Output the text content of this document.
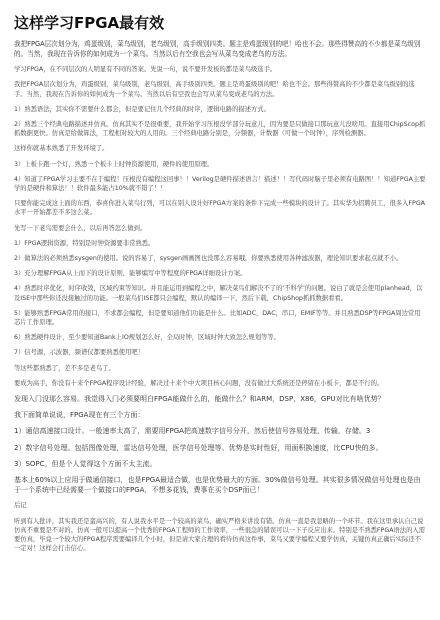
这样学习FPGA最有效

我把FPGA层次划分为，鸡蛋级别，菜鸟级别，老鸟级别，高手级别四类。题主是鸡蛋级别的吧！哈也不会。那些得赞高的不少都是菜鸟级别的。当然，我现在告诉你的如何成为一个菜鸟。当然以后有空我也会写从菜鸟变成老鸟的方法。

学习FPGA，在不同层次的人明显有不同的答案。先说一句，说不要开发板的都是菜鸟级选手。

我把FPGA层次划分为，鸡蛋级别，菜鸟级别，老鸟级别，高手级别四类。题主是鸡蛋级别的吧！哈也不会。那些得赞高的不少都是菜鸟级别的选手。当然，我现在告诉你的如何成为一个菜鸟。当然以后有空我也会写从菜鸟变成老鸟的方法。

1）熟悉语法，其实你不需要什么都会，但是要记住几个经典的时序，逻辑电路的描述方式。

2）熟悉三个经典电路描述并仿真。仿真其实不是很重要，我开始学习压根没学部分玩意儿，因为要是只做接口那玩意儿没啥用。直接用ChipScop抓抓数据更快。仿真是给做算法，工程相对较大的人用的。三个经典电路分别是，分频器，计数器（可做一个时钟），序列检测器。

这样你就基本熟悉了开发环境了。

3）上板卡跑一个灯，熟悉一个板卡上时钟资源使用，硬件的使用原理。

4）知道了FPGA学习主要不在于编程！压根没有编程这回事！！Verilog是硬件描述语言！描述！！写代码时脑子里必须有电路图！！知道FPGA主要学的是硬件和算法！！软件最多能占10%就不错了！！

只要你能完成这上面的东西，恭喜你进入菜鸟行列，可以在别人设计好FPGA方案的条件下完成一些模块的设计了。其实华为招聘员工，很多入FPGA水平一开始都差不多这么菜。

先写一下老鸟需要会什么，以后再答怎么做到。

1）FPGA逻辑资源，特别是时钟资源要非常熟悉。

2）做算法的必须熟悉sysgen的使用。说的容易了，sysgen画画图也没那么容易哦，你要熟悉使用各种滤波器，理论知识要求起点就不小。

3）充分理解FPGA从上而下的设计原则，能够编写中等程度的FPGA详细设计方案。

4）熟悉时序优化，时序收敛，区域约束等知识。并且能运用到编程之中，解决菜鸟们解决不了的'不科学'的问题。说白了就是会使用planhead，以及ISE中那些你还没接触过的功能。一般菜鸟们ISE都只会编程，默认的编译一下，然后下载，ChipShop抓抓数据看看。

5）能够熟悉FPGA常用的接口，不求都会编程，但是要知道他们功能是什么。比如ADC，DAC，串口，EMIF等等。并且熟悉DSP等FPGA周边常用芯片工作原理。

6）熟悉硬件设计，至少要知道Bank上IO规划怎么好，全局时钟，区域时钟大致怎么规划等等。

7）信号源，示波器，频谱仪都要熟悉使用吧！

等这些都熟悉了，差不多是老鸟了。

要成为高手，你没有十来个FPGA程序设计经验，解决过十来个中大项目核心问题，没有做过大系统还是停留在小板卡，都是不行的。

发现入门没那么容易。我觉得入门必须要明白FPGA能做什么的，能做什么？和ARM，DSP，X86，GPU对比有啥优势？

我下面简单说说，FPGA现在有三个方面：

1）通信高速接口设计。一般速率太高了，需要用FPGA把高速数字信号分开，然后使信号容易处理，传输，存储。3

2）数字信号处理。包括图像处理，雷达信号处理，医学信号处理等。优势是实时性好，用面积换速度，比CPU快的多。

3）SOPC。但是个人觉得这个方面不太主流。

基本上60%以上应用于做通信接口，也是FPGA最适合做，也是优势最大的方面。30%做信号处理。其实很多情况做信号处理也是由于一个系统中已经需要一个做接口的FPGA，不想多花钱，费事在买个DSP而已！

后记

听到有人批评，其实我还是蛮高兴的，有人说我水平是一个较高的菜鸟，确实严格来讲没有错。仿真一直是我忽略的一个环节。我在这里承认自己说仿真不重要是不对的。仿真一般可以提高一个优秀的FPGA工程师的工作效率，一些很急的错误可以一下子反应出来。特别是不熟悉FPGA语法的入需要仿真，毕竟一个较大的FPGA程序需要编译几个小时，但是请大家合理的看待仿真这件事，菜鸟又要学编程又要学仿真，关键仿真正确后实际还不一定对！这样会打击信心。
